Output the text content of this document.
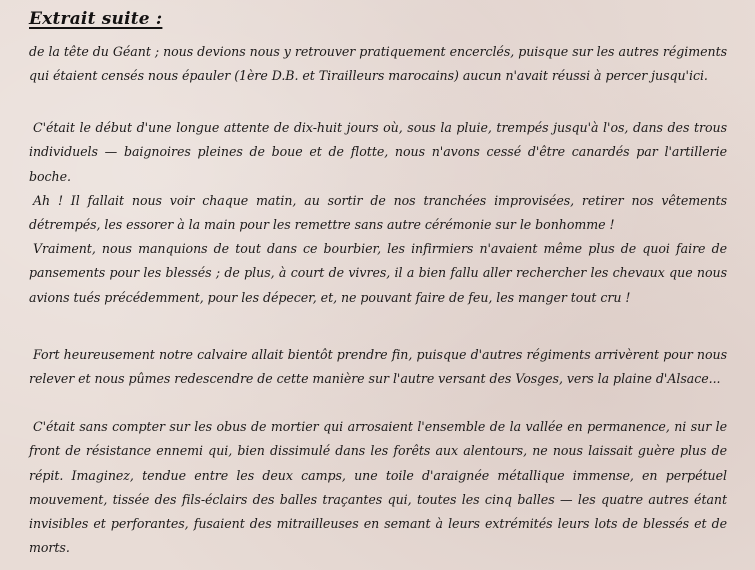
Extrait suite :

de la tête du Géant ; nous devions nous y retrouver pratiquement encerclés, puisque sur les autres régiments qui étaient censés nous épauler (1ère D.B. et Tirailleurs marocains) aucun n'avait réussi à percer jusqu'ici.

C'était le début d'une longue attente de dix-huit jours où, sous la pluie, trempés jusqu'à l'os, dans des trous individuels — baignoires pleines de boue et de flotte, nous n'avons cessé d'être canardés par l'artillerie boche.

Ah ! Il fallait nous voir chaque matin, au sortir de nos tranchées improvisées, retirer nos vêtements détrempés, les essorer à la main pour les remettre sans autre cérémonie sur le bonhomme !

Vraiment, nous manquions de tout dans ce bourbier, les infirmiers n'avaient même plus de quoi faire de pansements pour les blessés ; de plus, à court de vivres, il a bien fallu aller rechercher les chevaux que nous avions tués précédemment, pour les dépecer, et, ne pouvant faire de feu, les manger tout cru !

Fort heureusement notre calvaire allait bientôt prendre fin, puisque d'autres régiments arrivèrent pour nous relever et nous pûmes redescendre de cette manière sur l'autre versant des Vosges, vers la plaine d'Alsace...

C'était sans compter sur les obus de mortier qui arrosaient l'ensemble de la vallée en permanence, ni sur le front de résistance ennemi qui, bien dissimulé dans les forêts aux alentours, ne nous laissait guère plus de répit. Imaginez, tendue entre les deux camps, une toile d'araignée métallique immense, en perpétuel mouvement, tissée des fils-éclairs des balles traçantes qui, toutes les cinq balles — les quatre autres étant invisibles et perforantes, fusaient des mitrailleuses en semant à leurs extrémités leurs lots de blessés et de morts.
